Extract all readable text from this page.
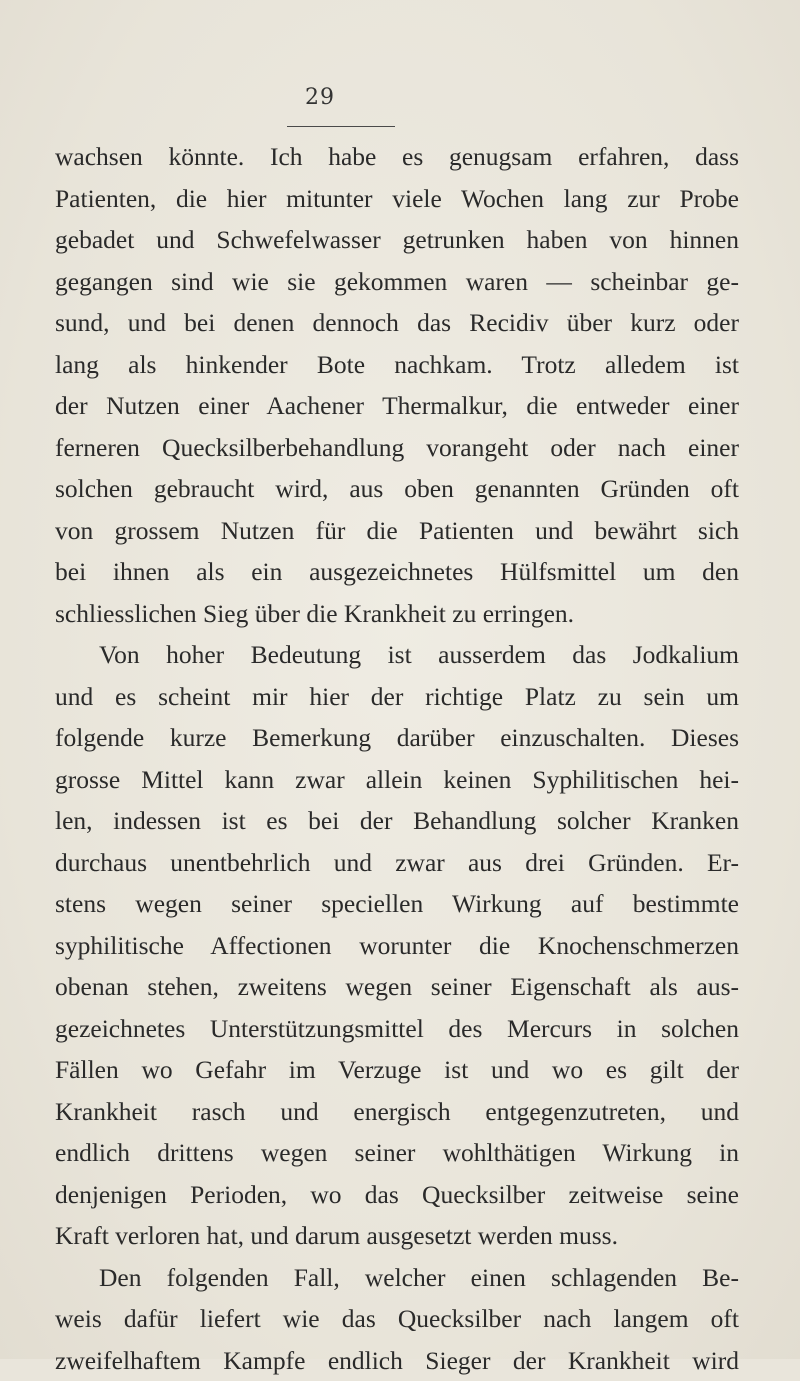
29
wachsen könnte. Ich habe es genugsam erfahren, dass
Patienten, die hier mitunter viele Wochen lang zur Probe
gebadet und Schwefelwasser getrunken haben von hinnen
gegangen sind wie sie gekommen waren — scheinbar ge-
sund, und bei denen dennoch das Recidiv über kurz oder
lang als hinkender Bote nachkam. Trotz alledem ist
der Nutzen einer Aachener Thermalkur, die entweder einer
ferneren Quecksilberbehandlung vorangeht oder nach einer
solchen gebraucht wird, aus oben genannten Gründen oft
von grossem Nutzen für die Patienten und bewährt sich
bei ihnen als ein ausgezeichnetes Hülfsmittel um den
schliesslichen Sieg über die Krankheit zu erringen.
Von hoher Bedeutung ist ausserdem das Jodkalium
und es scheint mir hier der richtige Platz zu sein um
folgende kurze Bemerkung darüber einzuschalten. Dieses
grosse Mittel kann zwar allein keinen Syphilitischen hei-
len, indessen ist es bei der Behandlung solcher Kranken
durchaus unentbehrlich und zwar aus drei Gründen. Er-
stens wegen seiner speciellen Wirkung auf bestimmte
syphilitische Affectionen worunter die Knochenschmerzen
obenan stehen, zweitens wegen seiner Eigenschaft als aus-
gezeichnetes Unterstützungsmittel des Mercurs in solchen
Fällen wo Gefahr im Verzuge ist und wo es gilt der
Krankheit rasch und energisch entgegenzutreten, und
endlich drittens wegen seiner wohlthätigen Wirkung in
denjenigen Perioden, wo das Quecksilber zeitweise seine
Kraft verloren hat, und darum ausgesetzt werden muss.
Den folgenden Fall, welcher einen schlagenden Be-
weis dafür liefert wie das Quecksilber nach langem oft
zweifelhaftem Kampfe endlich Sieger der Krankheit wird
